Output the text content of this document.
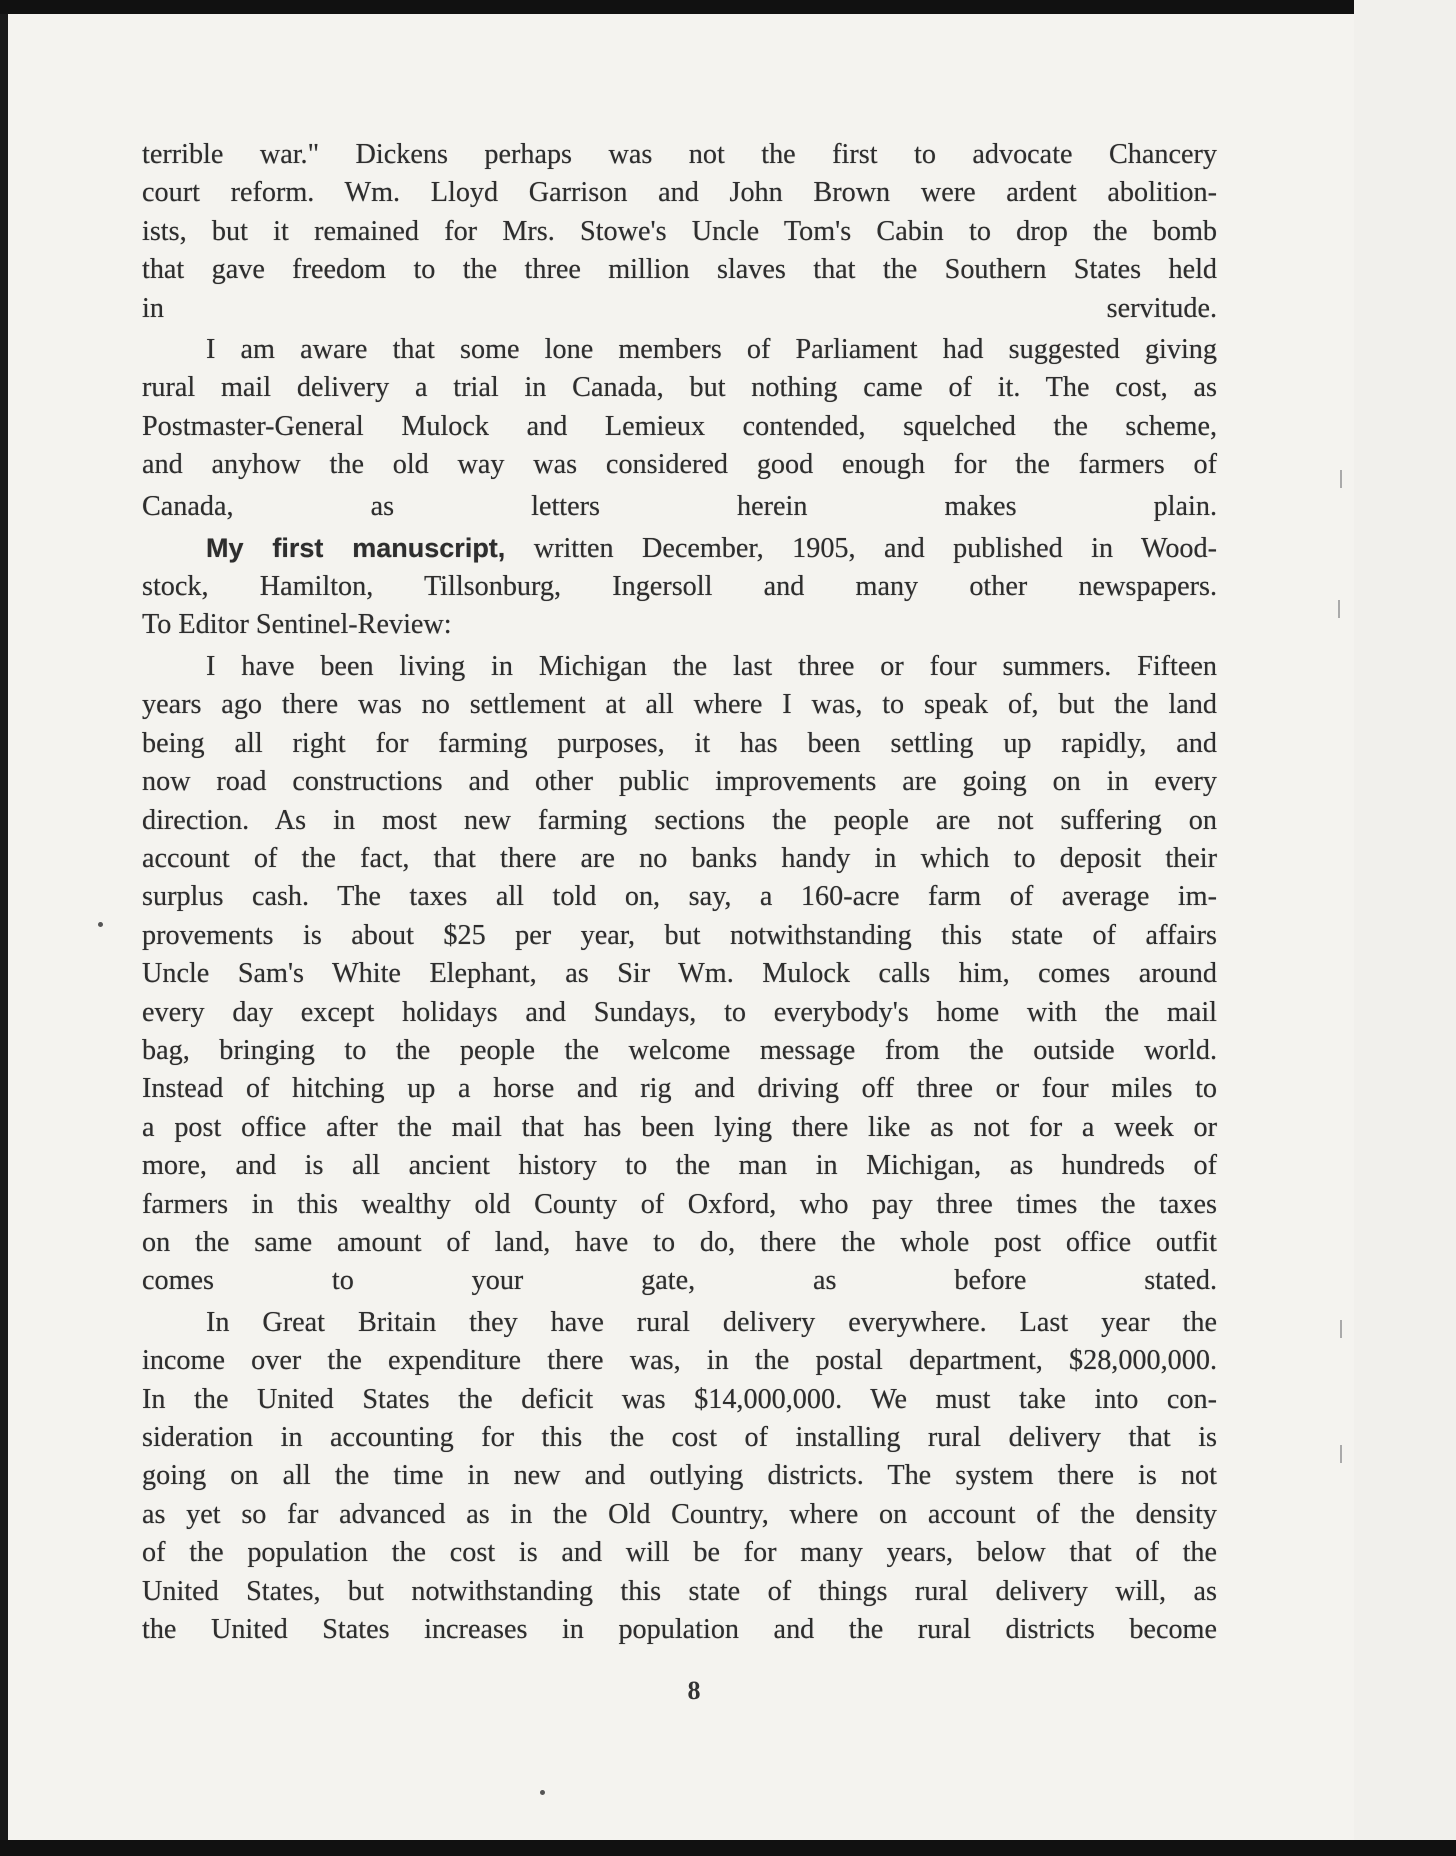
terrible war." Dickens perhaps was not the first to advocate Chancery
court reform. Wm. Lloyd Garrison and John Brown were ardent abolition-
ists, but it remained for Mrs. Stowe's Uncle Tom's Cabin to drop the bomb
that gave freedom to the three million slaves that the Southern States held
in servitude.

I am aware that some lone members of Parliament had suggested giving
rural mail delivery a trial in Canada, but nothing came of it. The cost, as
Postmaster-General Mulock and Lemieux contended, squelched the scheme,
and anyhow the old way was considered good enough for the farmers of
Canada, as letters herein makes plain.

My first manuscript, written December, 1905, and published in Wood-
stock, Hamilton, Tillsonburg, Ingersoll and many other newspapers.

To Editor Sentinel-Review:

I have been living in Michigan the last three or four summers. Fifteen
years ago there was no settlement at all where I was, to speak of, but the land
being all right for farming purposes, it has been settling up rapidly, and
now road constructions and other public improvements are going on in every
direction. As in most new farming sections the people are not suffering on
account of the fact, that there are no banks handy in which to deposit their
surplus cash. The taxes all told on, say, a 160-acre farm of average im-
provements is about $25 per year, but notwithstanding this state of affairs
Uncle Sam's White Elephant, as Sir Wm. Mulock calls him, comes around
every day except holidays and Sundays, to everybody's home with the mail
bag, bringing to the people the welcome message from the outside world.
Instead of hitching up a horse and rig and driving off three or four miles to
a post office after the mail that has been lying there like as not for a week or
more, and is all ancient history to the man in Michigan, as hundreds of
farmers in this wealthy old County of Oxford, who pay three times the taxes
on the same amount of land, have to do, there the whole post office outfit
comes to your gate, as before stated.

In Great Britain they have rural delivery everywhere. Last year the
income over the expenditure there was, in the postal department, $28,000,000.
In the United States the deficit was $14,000,000. We must take into con-
sideration in accounting for this the cost of installing rural delivery that is
going on all the time in new and outlying districts. The system there is not
as yet so far advanced as in the Old Country, where on account of the density
of the population the cost is and will be for many years, below that of the
United States, but notwithstanding this state of things rural delivery will, as
the United States increases in population and the rural districts become

8
